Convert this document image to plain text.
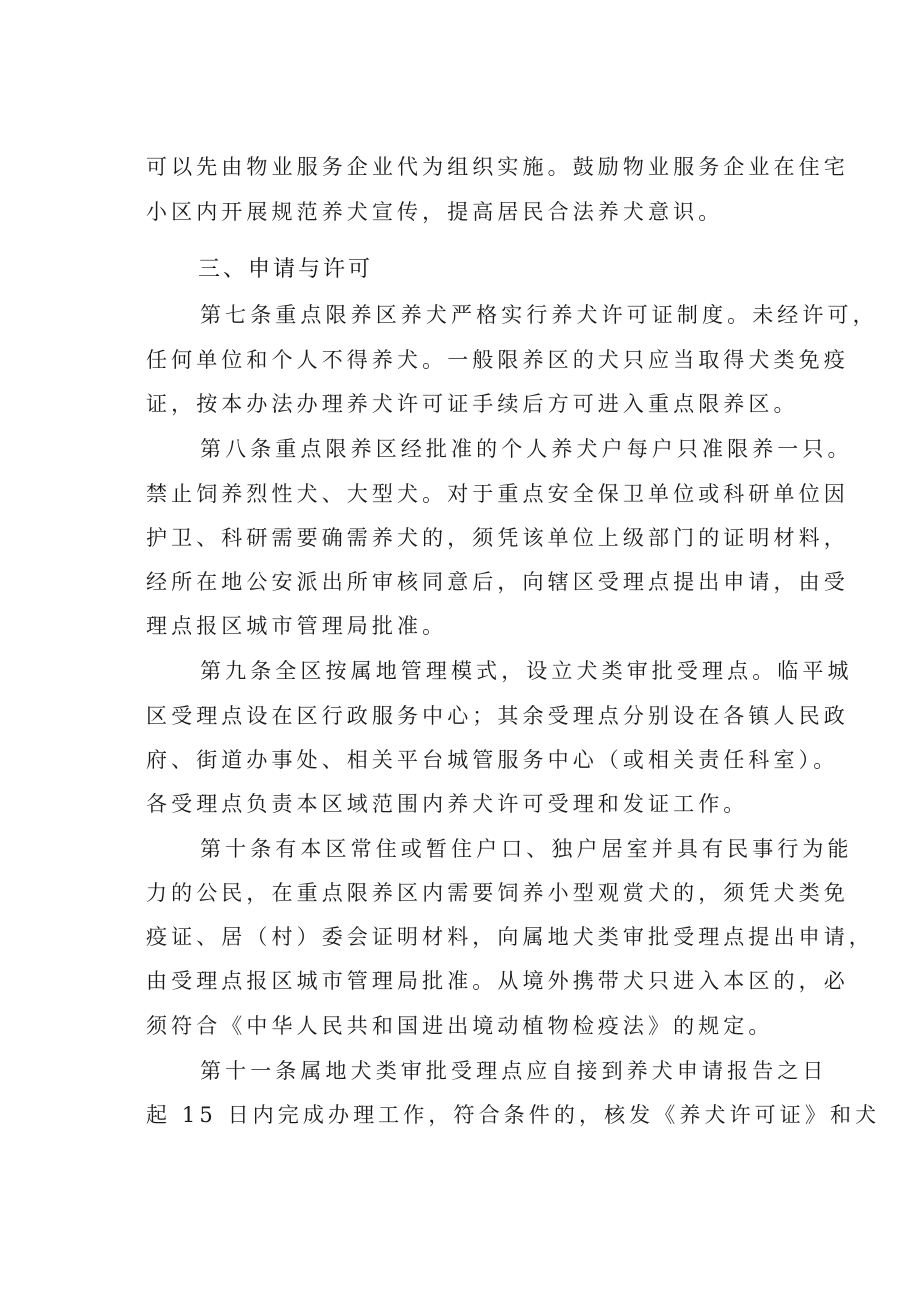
可以先由物业服务企业代为组织实施。鼓励物业服务企业在住宅
小区内开展规范养犬宣传，提高居民合法养犬意识。
三、申请与许可
第七条重点限养区养犬严格实行养犬许可证制度。未经许可，
任何单位和个人不得养犬。一般限养区的犬只应当取得犬类免疫
证，按本办法办理养犬许可证手续后方可进入重点限养区。
第八条重点限养区经批准的个人养犬户每户只准限养一只。
禁止饲养烈性犬、大型犬。对于重点安全保卫单位或科研单位因
护卫、科研需要确需养犬的，须凭该单位上级部门的证明材料，
经所在地公安派出所审核同意后，向辖区受理点提出申请，由受
理点报区城市管理局批准。
第九条全区按属地管理模式，设立犬类审批受理点。临平城
区受理点设在区行政服务中心；其余受理点分别设在各镇人民政
府、街道办事处、相关平台城管服务中心（或相关责任科室）。
各受理点负责本区域范围内养犬许可受理和发证工作。
第十条有本区常住或暂住户口、独户居室并具有民事行为能
力的公民，在重点限养区内需要饲养小型观赏犬的，须凭犬类免
疫证、居（村）委会证明材料，向属地犬类审批受理点提出申请，
由受理点报区城市管理局批准。从境外携带犬只进入本区的，必
须符合《中华人民共和国进出境动植物检疫法》的规定。
第十一条属地犬类审批受理点应自接到养犬申请报告之日
起 15 日内完成办理工作，符合条件的，核发《养犬许可证》和犬
